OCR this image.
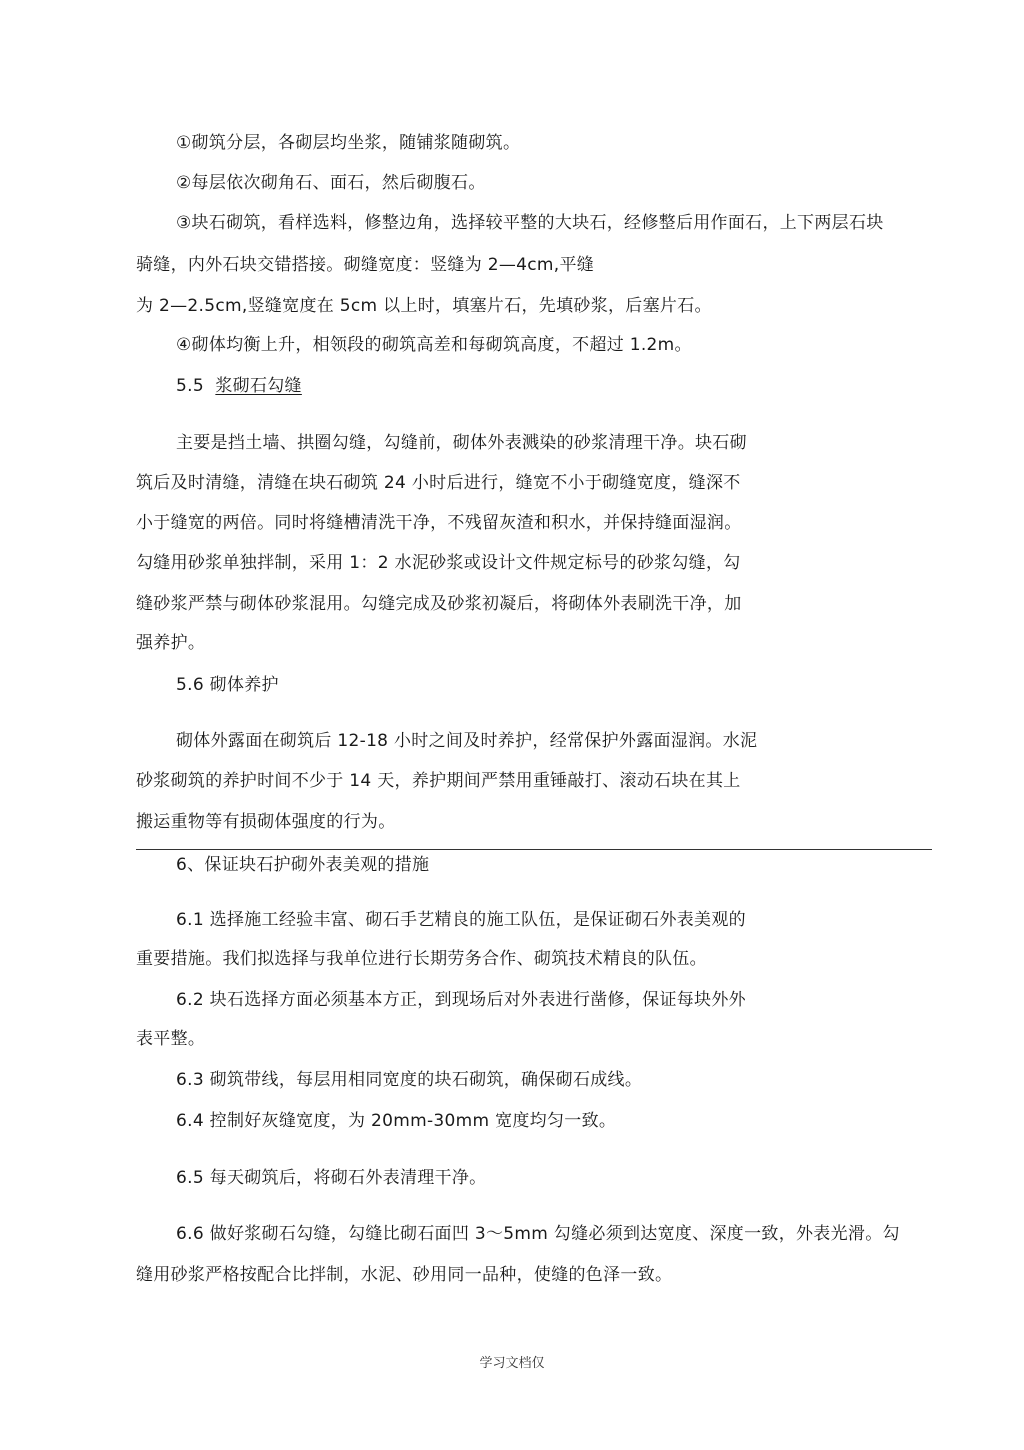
①砌筑分层，各砌层均坐浆，随铺浆随砌筑。
②每层依次砌角石、面石，然后砌腹石。
③块石砌筑，看样选料，修整边角，选择较平整的大块石，经修整后用作面石，上下两层石块
骑缝，内外石块交错搭接。砌缝宽度：竖缝为 2—4cm,平缝
为 2—2.5cm,竖缝宽度在 5cm 以上时，填塞片石，先填砂浆，后塞片石。
④砌体均衡上升，相领段的砌筑高差和每砌筑高度，不超过 1.2m。
主要是挡土墙、拱圈勾缝，勾缝前，砌体外表溅染的砂浆清理干净。块石砌
筑后及时清缝，清缝在块石砌筑 24 小时后进行，缝宽不小于砌缝宽度，缝深不
小于缝宽的两倍。同时将缝槽清洗干净，不残留灰渣和积水，并保持缝面湿润。
勾缝用砂浆单独拌制，采用 1：2 水泥砂浆或设计文件规定标号的砂浆勾缝，勾
缝砂浆严禁与砌体砂浆混用。勾缝完成及砂浆初凝后，将砌体外表刷洗干净，加
强养护。
5.6 砌体养护
砌体外露面在砌筑后 12-18 小时之间及时养护，经常保护外露面湿润。水泥
砂浆砌筑的养护时间不少于 14 天，养护期间严禁用重锤敲打、滚动石块在其上
搬运重物等有损砌体强度的行为。
6、保证块石护砌外表美观的措施
6.1 选择施工经验丰富、砌石手艺精良的施工队伍，是保证砌石外表美观的
重要措施。我们拟选择与我单位进行长期劳务合作、砌筑技术精良的队伍。
6.2 块石选择方面必须基本方正，到现场后对外表进行凿修，保证每块外外
表平整。
6.3 砌筑带线，每层用相同宽度的块石砌筑，确保砌石成线。
6.4 控制好灰缝宽度，为 20mm-30mm 宽度均匀一致。
6.5 每天砌筑后，将砌石外表清理干净。
6.6 做好浆砌石勾缝，勾缝比砌石面凹 3～5mm 勾缝必须到达宽度、深度一致，外表光滑。勾
缝用砂浆严格按配合比拌制，水泥、砂用同一品种，使缝的色泽一致。
5.5 浆砌石勾缝
学习文档仅
